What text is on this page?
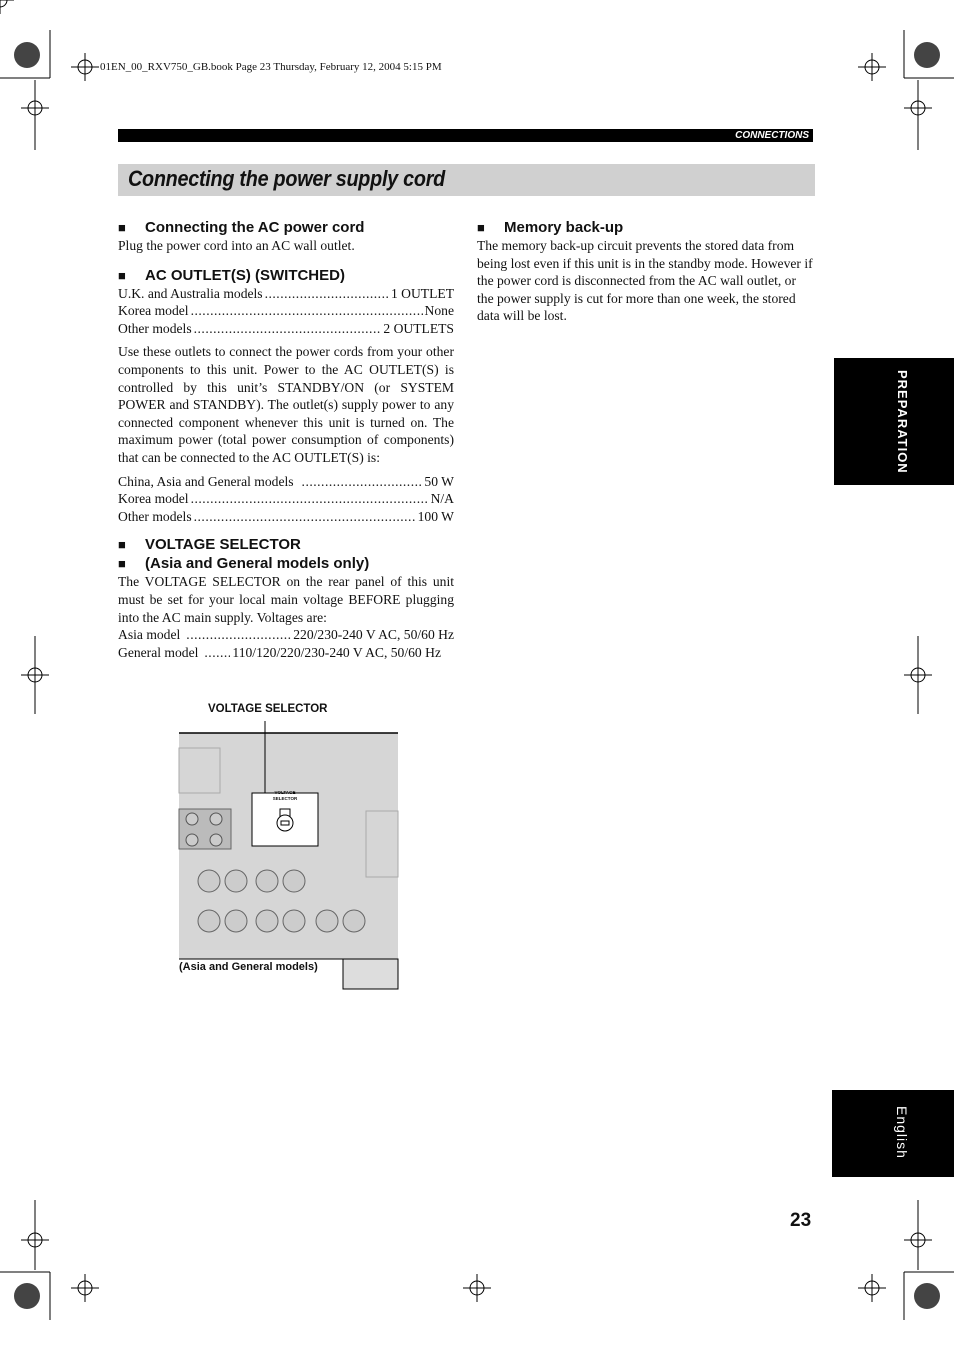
01EN_00_RXV750_GB.book Page 23 Thursday, February 12, 2004 5:15 PM
CONNECTIONS
Connecting the power supply cord
■ Connecting the AC power cord

Plug the power cord into an AC wall outlet.

■ AC OUTLET(S) (SWITCHED)
U.K. and Australia models .....	1 OUTLET
Korea model .....	None
Other models .....	2 OUTLETS

Use these outlets to connect the power cords from your other components to this unit. Power to the AC OUTLET(S) is controlled by this unit’s STANDBY/ON (or SYSTEM POWER and STANDBY). The outlet(s) supply power to any connected component whenever this unit is turned on. The maximum power (total power consumption of components) that can be connected to the AC OUTLET(S) is:

China, Asia and General models .....	50 W
Korea model .....	N/A
Other models .....	100 W
■ VOLTAGE SELECTOR
■ (Asia and General models only)

The VOLTAGE SELECTOR on the rear panel of this unit must be set for your local main voltage BEFORE plugging into the AC main supply. Voltages are:

Asia model .....	220/230-240 V AC, 50/60 Hz
General model .....	110/120/220/230-240 V AC, 50/60 Hz
VOLTAGE SELECTOR
VOLTAGE
SELECTOR
(Asia and General models)
■ Memory back-up

The memory back-up circuit prevents the stored data from being lost even if this unit is in the standby mode. However if the power cord is disconnected from the AC wall outlet, or the power supply is cut for more than one week, the stored data will be lost.

PREPARATION
English
23
